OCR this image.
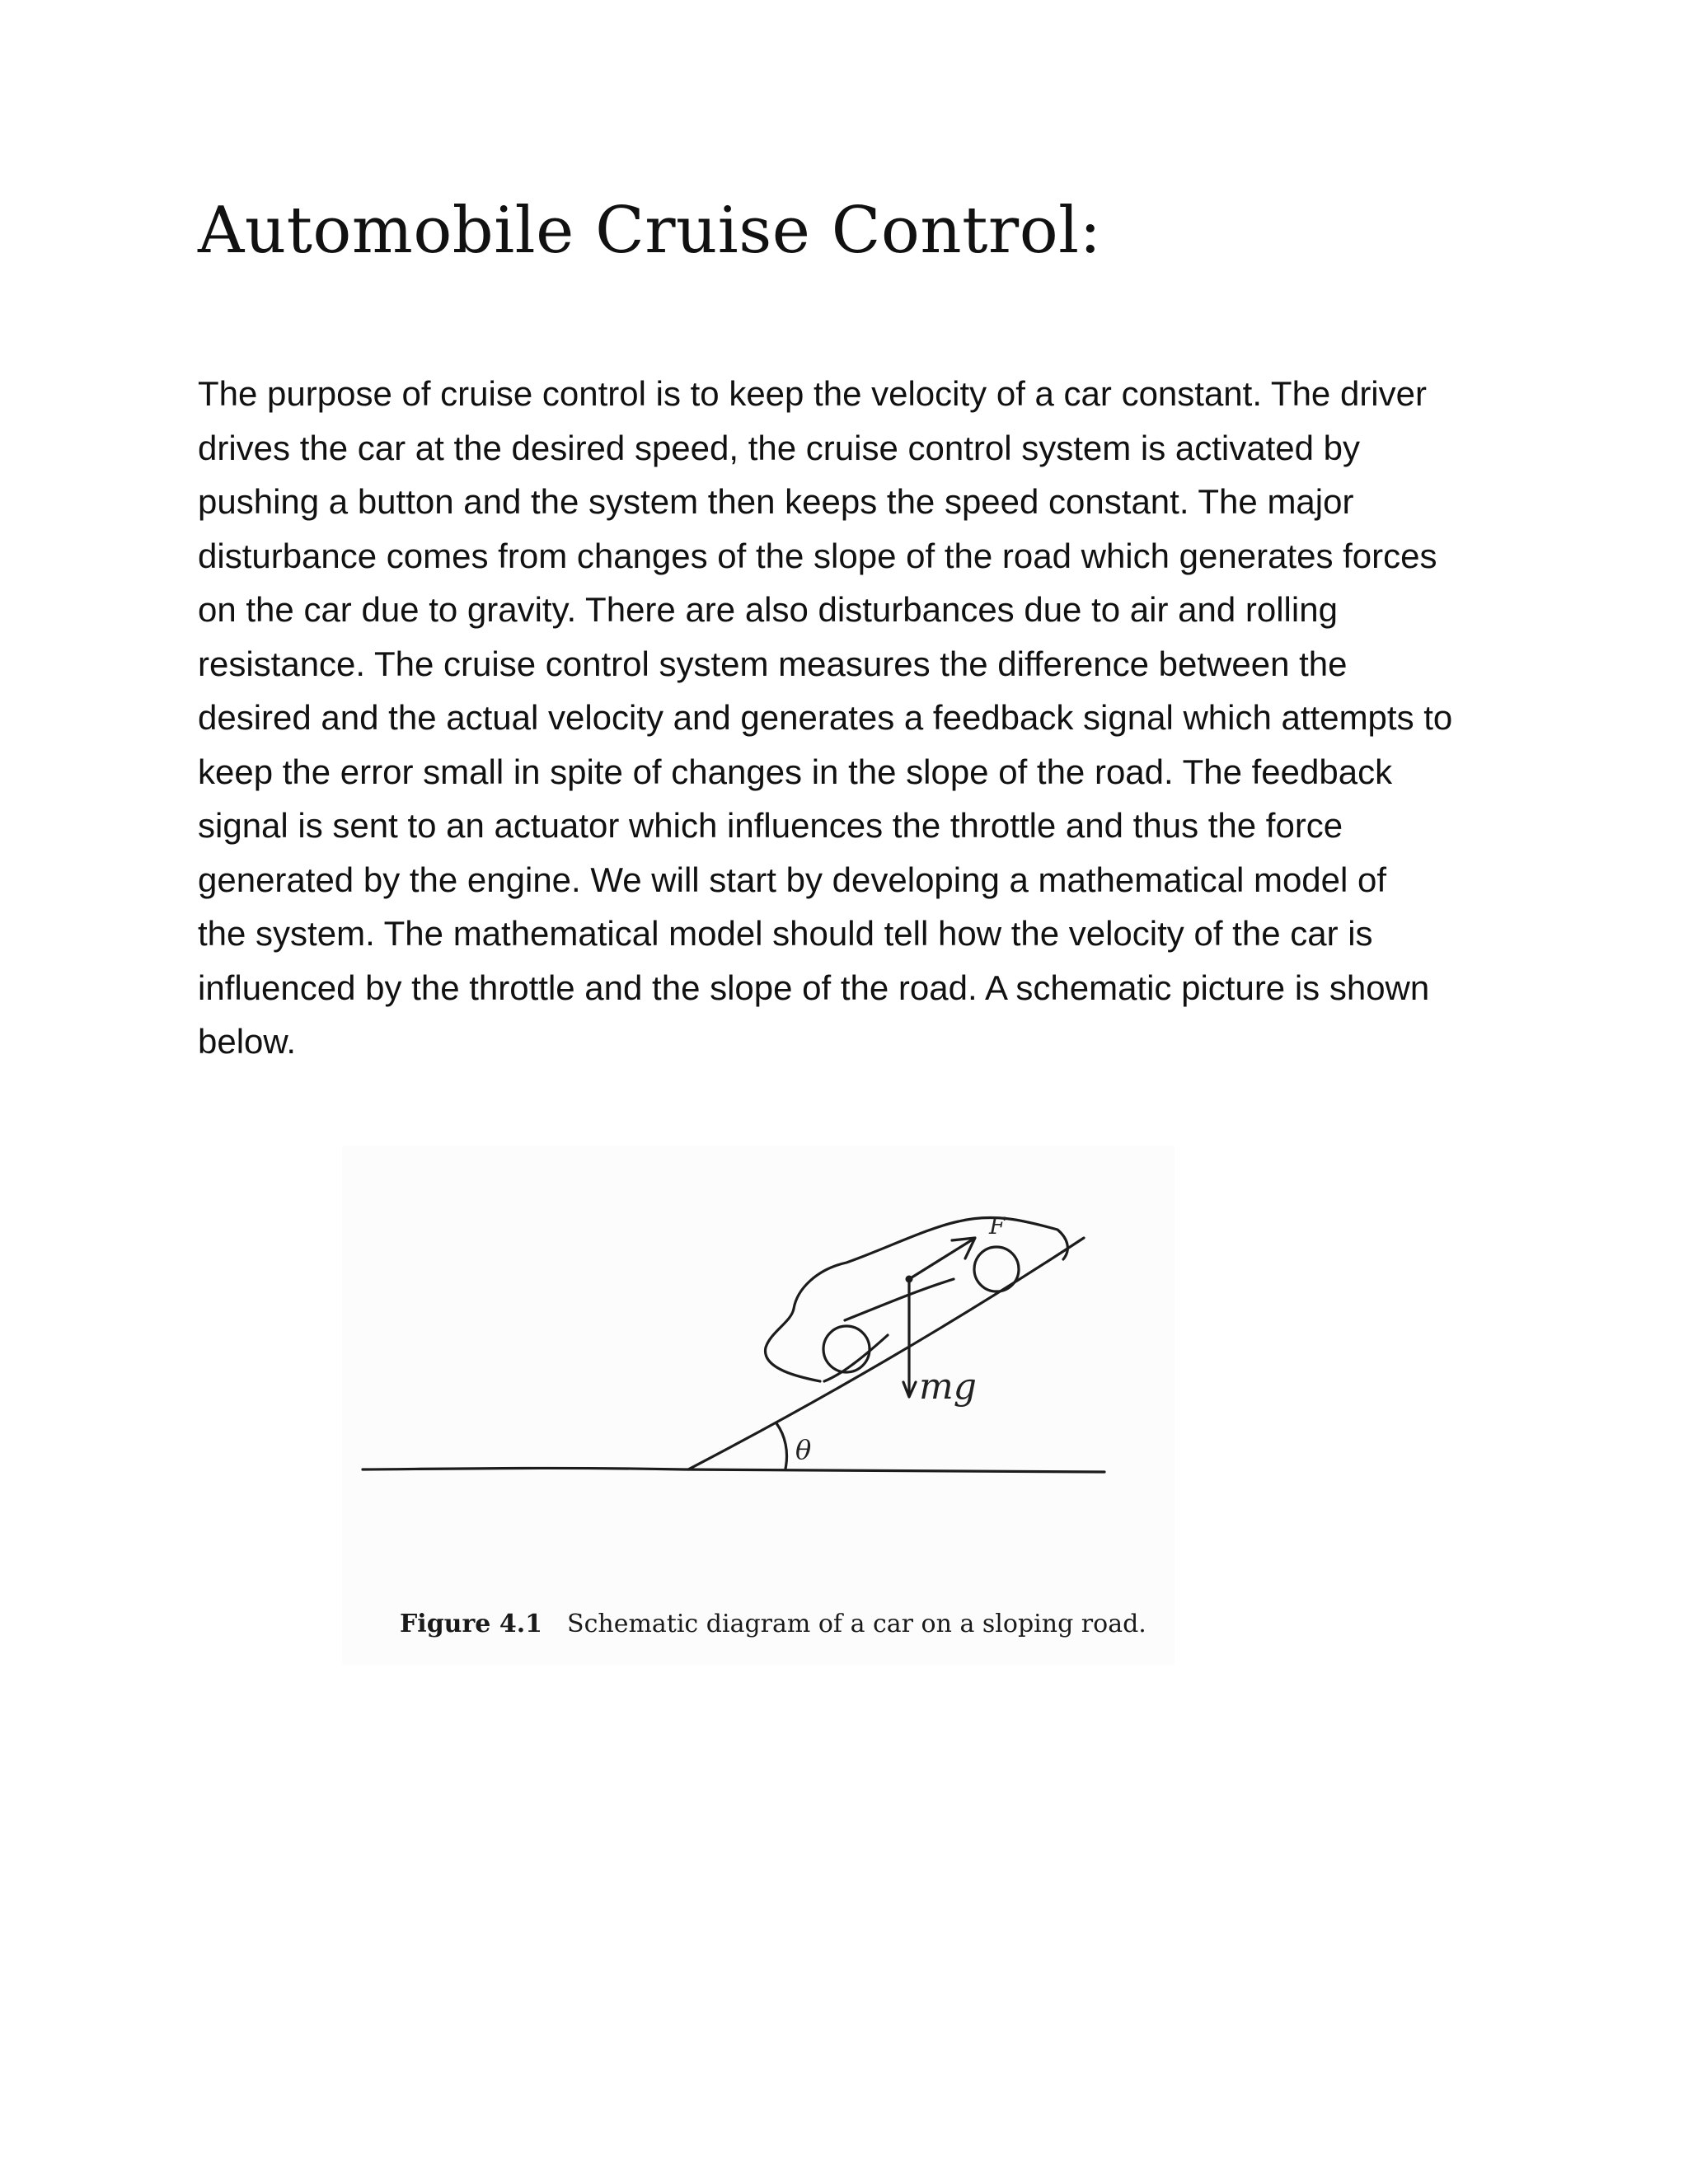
Automobile Cruise Control:
The purpose of cruise control is to keep the velocity of a car constant. The driver
drives the car at the desired speed, the cruise control system is activated by
pushing a button and the system then keeps the speed constant. The major
disturbance comes from changes of the slope of the road which generates forces
on the car due to gravity. There are also disturbances due to air and rolling
resistance. The cruise control system measures the difference between the
desired and the actual velocity and generates a feedback signal which attempts to
keep the error small in spite of changes in the slope of the road. The feedback
signal is sent to an actuator which influences the throttle and thus the force
generated by the engine. We will start by developing a mathematical model of
the system. The mathematical model should tell how the velocity of the car is
influenced by the throttle and the slope of the road. A schematic picture is shown
below.
F
mg
θ
Figure 4.1 Schematic diagram of a car on a sloping road.
